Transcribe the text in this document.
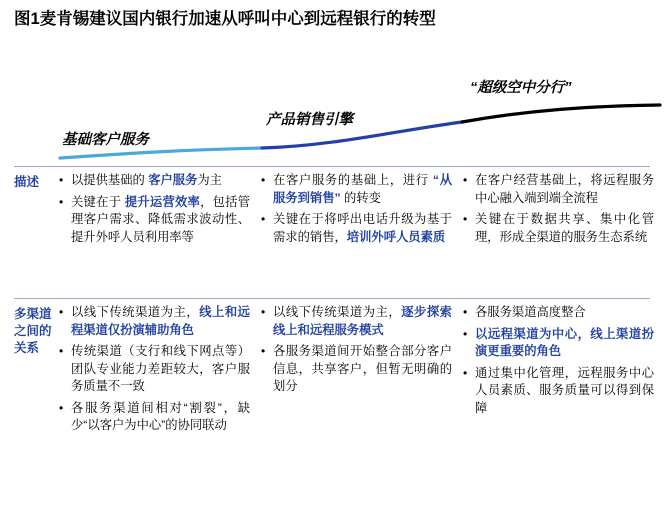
图1麦肯锡建议国内银行加速从呼叫中心到远程银行的转型
基础客户服务
产品销售引擎
“超级空中分行”
描述	• 以提供基础的 客户服务为主
• 关键在于 提升运营效率，包括管理客户需求、降低需求波动性、提升外呼人员利用率等
• 在客户服务的基础上，进行 “从服务到销售” 的转变
• 关键在于将呼出电话升级为基于需求的销售，培训外呼人员素质
• 在客户经营基础上，将远程服务中心融入端到端全流程
• 关键在于数据共享、集中化管理，形成全渠道的服务生态系统
多渠道之间的关系
• 以线下传统渠道为主，线上和远程渠道仅扮演辅助角色
• 传统渠道（支行和线下网点等）团队专业能力差距较大，客户服务质量不一致
• 各服务渠道间相对“割裂”，缺少“以客户为中心”的协同联动
• 以线下传统渠道为主，逐步探索线上和远程服务模式
• 各服务渠道间开始整合部分客户信息，共享客户，但暂无明确的划分
• 各服务渠道高度整合
• 以远程渠道为中心，线上渠道扮演更重要的角色
• 通过集中化管理，远程服务中心人员素质、服务质量可以得到保障
